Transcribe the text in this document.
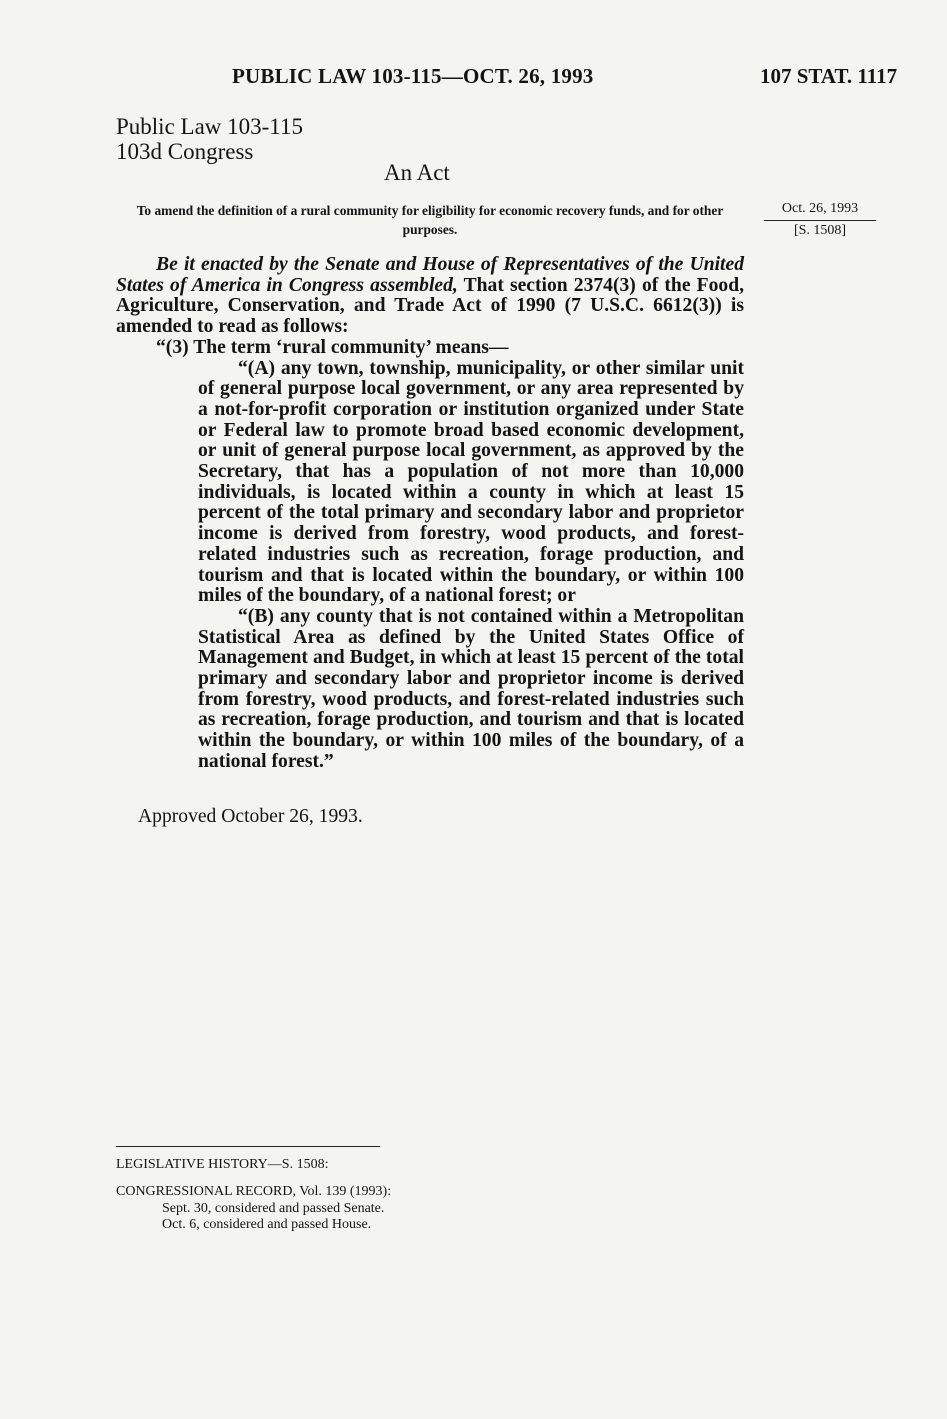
PUBLIC LAW 103-115—OCT. 26, 1993	107 STAT. 1117
Public Law 103-115
103d Congress
An Act
To amend the definition of a rural community for eligibility for economic recovery funds, and for other purposes.
Oct. 26, 1993
[S. 1508]

Be it enacted by the Senate and House of Representatives of the United States of America in Congress assembled, That section 2374(3) of the Food, Agriculture, Conservation, and Trade Act of 1990 (7 U.S.C. 6612(3)) is amended to read as follows:

“(3) The term ‘rural community’ means—

“(A) any town, township, municipality, or other similar unit of general purpose local government, or any area represented by a not-for-profit corporation or institution organized under State or Federal law to promote broad based economic development, or unit of general purpose local government, as approved by the Secretary, that has a population of not more than 10,000 individuals, is located within a county in which at least 15 percent of the total primary and secondary labor and proprietor income is derived from forestry, wood products, and forest-related industries such as recreation, forage production, and tourism and that is located within the boundary, or within 100 miles of the boundary, of a national forest; or

“(B) any county that is not contained within a Metropolitan Statistical Area as defined by the United States Office of Management and Budget, in which at least 15 percent of the total primary and secondary labor and proprietor income is derived from forestry, wood products, and forest-related industries such as recreation, forage production, and tourism and that is located within the boundary, or within 100 miles of the boundary, of a national forest.”

Approved October 26, 1993.
LEGISLATIVE HISTORY—S. 1508:
CONGRESSIONAL RECORD, Vol. 139 (1993):
Sept. 30, considered and passed Senate.
Oct. 6, considered and passed House.
